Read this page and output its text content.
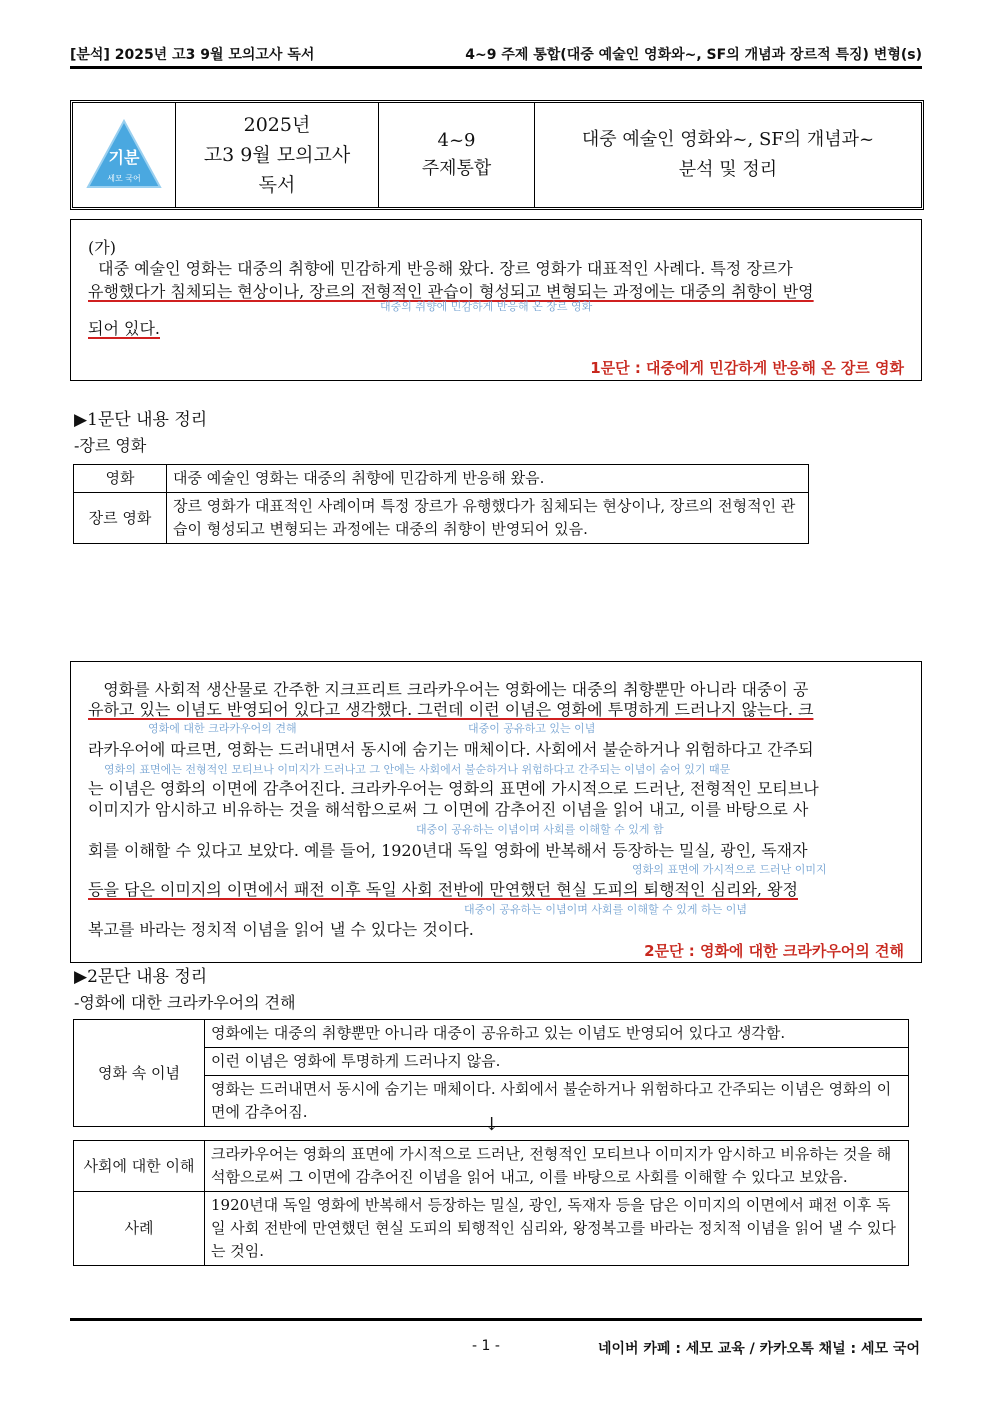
[분석] 2025년 고3 9월 모의고사 독서	4~9 주제 통합(대중 예술인 영화와~, SF의 개념과 장르적 특징) 변형(s)
기분
세모 국어
2025년
고3 9월 모의고사
독서
4~9
주제통합
대중 예술인 영화와~, SF의 개념과~
분석 및 정리
(가)
대중 예술인 영화는 대중의 취향에 민감하게 반응해 왔다. 장르 영화가 대표적인 사례다. 특정 장르가
유행했다가 침체되는 현상이나, 장르의 전형적인 관습이 형성되고 변형되는 과정에는 대중의 취향이 반영
대중의 취향에 민감하게 반응해 온 장르 영화
되어 있다.
1문단 : 대중에게 민감하게 반응해 온 장르 영화
▶1문단 내용 정리
-장르 영화
영화	대중 예술인 영화는 대중의 취향에 민감하게 반응해 왔음.
장르 영화	장르 영화가 대표적인 사례이며 특정 장르가 유행했다가 침체되는 현상이나, 장르의 전형적인 관습이 형성되고 변형되는 과정에는 대중의 취향이 반영되어 있음.
영화를 사회적 생산물로 간주한 지크프리트 크라카우어는 영화에는 대중의 취향뿐만 아니라 대중이 공
유하고 있는 이념도 반영되어 있다고 생각했다. 그런데 이런 이념은 영화에 투명하게 드러나지 않는다. 크
영화에 대한 크라카우어의 견해	대중이 공유하고 있는 이념
라카우어에 따르면, 영화는 드러내면서 동시에 숨기는 매체이다. 사회에서 불순하거나 위험하다고 간주되
영화의 표면에는 전형적인 모티브나 이미지가 드러나고 그 안에는 사회에서 불순하거나 위험하다고 간주되는 이념이 숨어 있기 때문
는 이념은 영화의 이면에 감추어진다. 크라카우어는 영화의 표면에 가시적으로 드러난, 전형적인 모티브나
이미지가 암시하고 비유하는 것을 해석함으로써 그 이면에 감추어진 이념을 읽어 내고, 이를 바탕으로 사
대중이 공유하는 이념이며 사회를 이해할 수 있게 함
회를 이해할 수 있다고 보았다. 예를 들어, 1920년대 독일 영화에 반복해서 등장하는 밀실, 광인, 독재자
영화의 표면에 가시적으로 드러난 이미지
등을 담은 이미지의 이면에서 패전 이후 독일 사회 전반에 만연했던 현실 도피의 퇴행적인 심리와, 왕정
대중이 공유하는 이념이며 사회를 이해할 수 있게 하는 이념
복고를 바라는 정치적 이념을 읽어 낼 수 있다는 것이다.
2문단 : 영화에 대한 크라카우어의 견해
▶2문단 내용 정리
-영화에 대한 크라카우어의 견해
영화 속 이념	영화에는 대중의 취향뿐만 아니라 대중이 공유하고 있는 이념도 반영되어 있다고 생각함.
이런 이념은 영화에 투명하게 드러나지 않음.
영화는 드러내면서 동시에 숨기는 매체이다. 사회에서 불순하거나 위험하다고 간주되는 이념은 영화의 이면에 감추어짐.
↓
사회에 대한 이해	크라카우어는 영화의 표면에 가시적으로 드러난, 전형적인 모티브나 이미지가 암시하고 비유하는 것을 해석함으로써 그 이면에 감추어진 이념을 읽어 내고, 이를 바탕으로 사회를 이해할 수 있다고 보았음.
사례	1920년대 독일 영화에 반복해서 등장하는 밀실, 광인, 독재자 등을 담은 이미지의 이면에서 패전 이후 독일 사회 전반에 만연했던 현실 도피의 퇴행적인 심리와, 왕정복고를 바라는 정치적 이념을 읽어 낼 수 있다는 것임.
- 1 -	네이버 카페 : 세모 교육 / 카카오톡 채널 : 세모 국어
